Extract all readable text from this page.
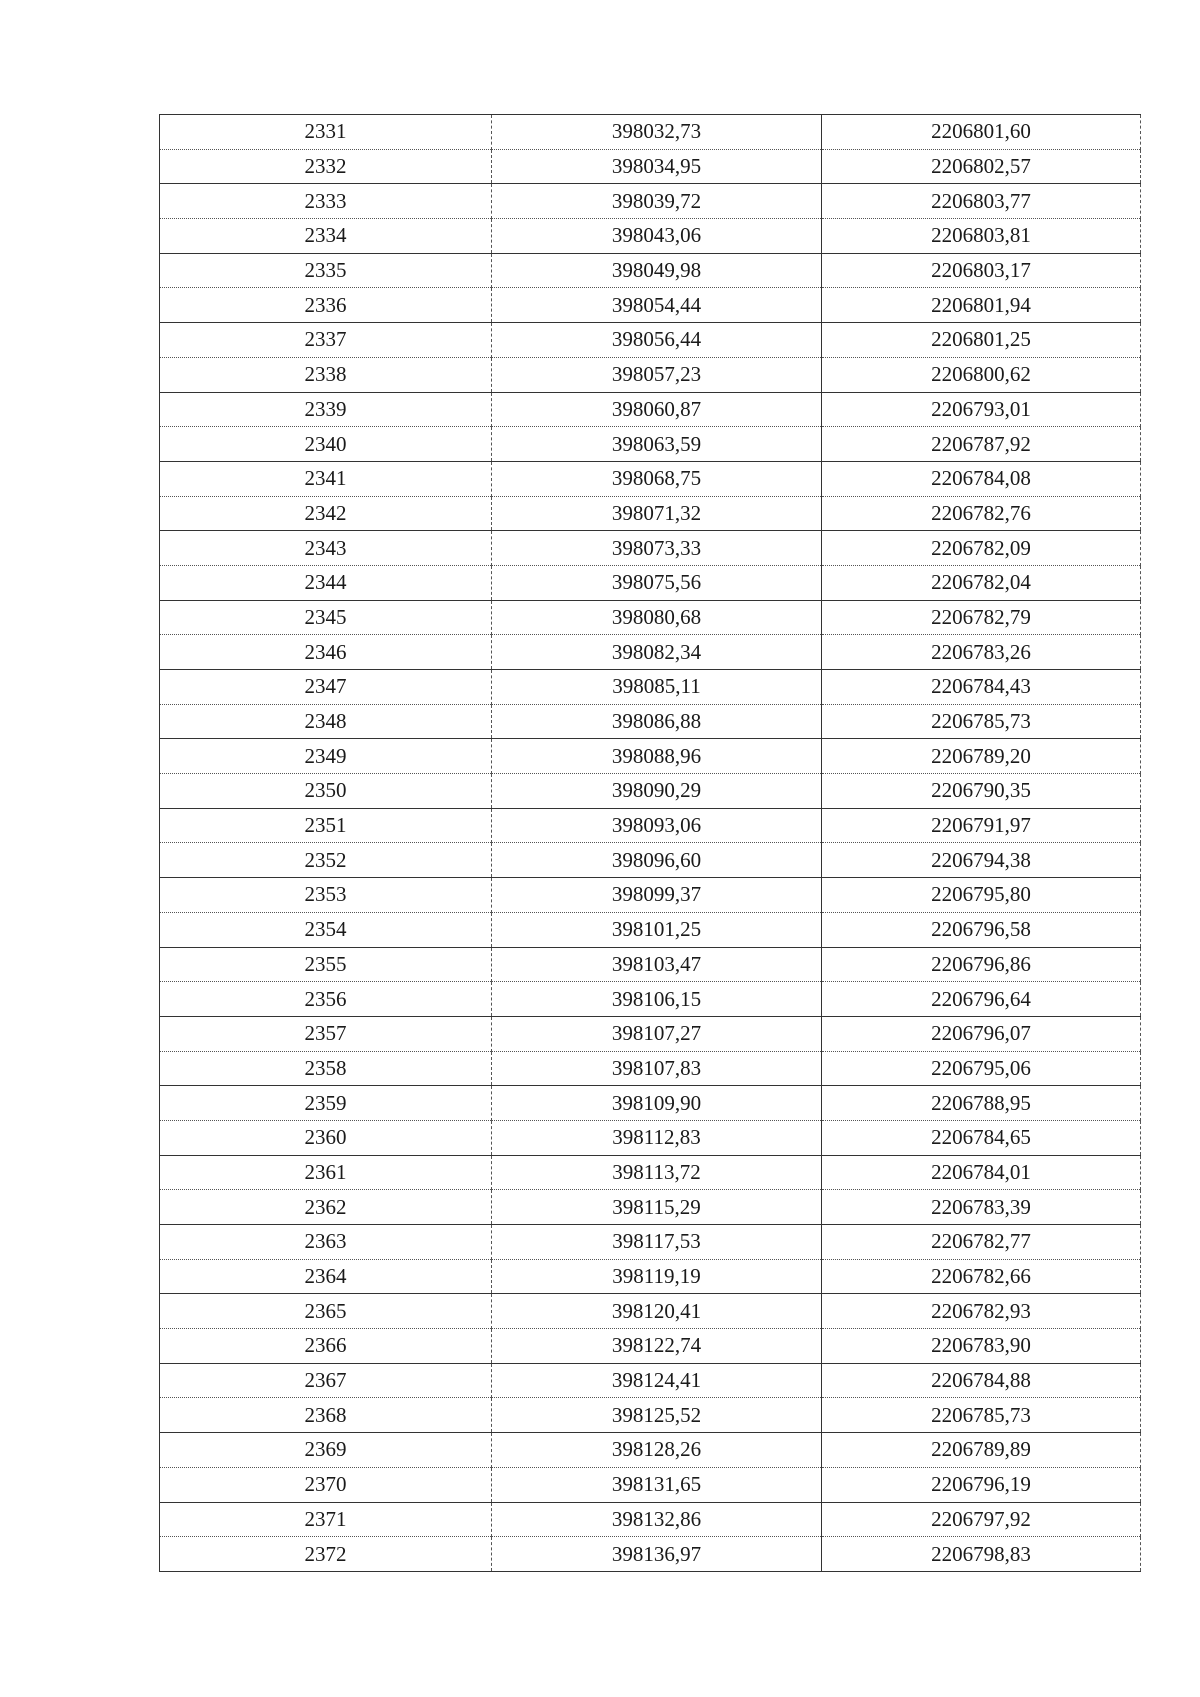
2331	398032,73	2206801,60
2332	398034,95	2206802,57
2333	398039,72	2206803,77
2334	398043,06	2206803,81
2335	398049,98	2206803,17
2336	398054,44	2206801,94
2337	398056,44	2206801,25
2338	398057,23	2206800,62
2339	398060,87	2206793,01
2340	398063,59	2206787,92
2341	398068,75	2206784,08
2342	398071,32	2206782,76
2343	398073,33	2206782,09
2344	398075,56	2206782,04
2345	398080,68	2206782,79
2346	398082,34	2206783,26
2347	398085,11	2206784,43
2348	398086,88	2206785,73
2349	398088,96	2206789,20
2350	398090,29	2206790,35
2351	398093,06	2206791,97
2352	398096,60	2206794,38
2353	398099,37	2206795,80
2354	398101,25	2206796,58
2355	398103,47	2206796,86
2356	398106,15	2206796,64
2357	398107,27	2206796,07
2358	398107,83	2206795,06
2359	398109,90	2206788,95
2360	398112,83	2206784,65
2361	398113,72	2206784,01
2362	398115,29	2206783,39
2363	398117,53	2206782,77
2364	398119,19	2206782,66
2365	398120,41	2206782,93
2366	398122,74	2206783,90
2367	398124,41	2206784,88
2368	398125,52	2206785,73
2369	398128,26	2206789,89
2370	398131,65	2206796,19
2371	398132,86	2206797,92
2372	398136,97	2206798,83
